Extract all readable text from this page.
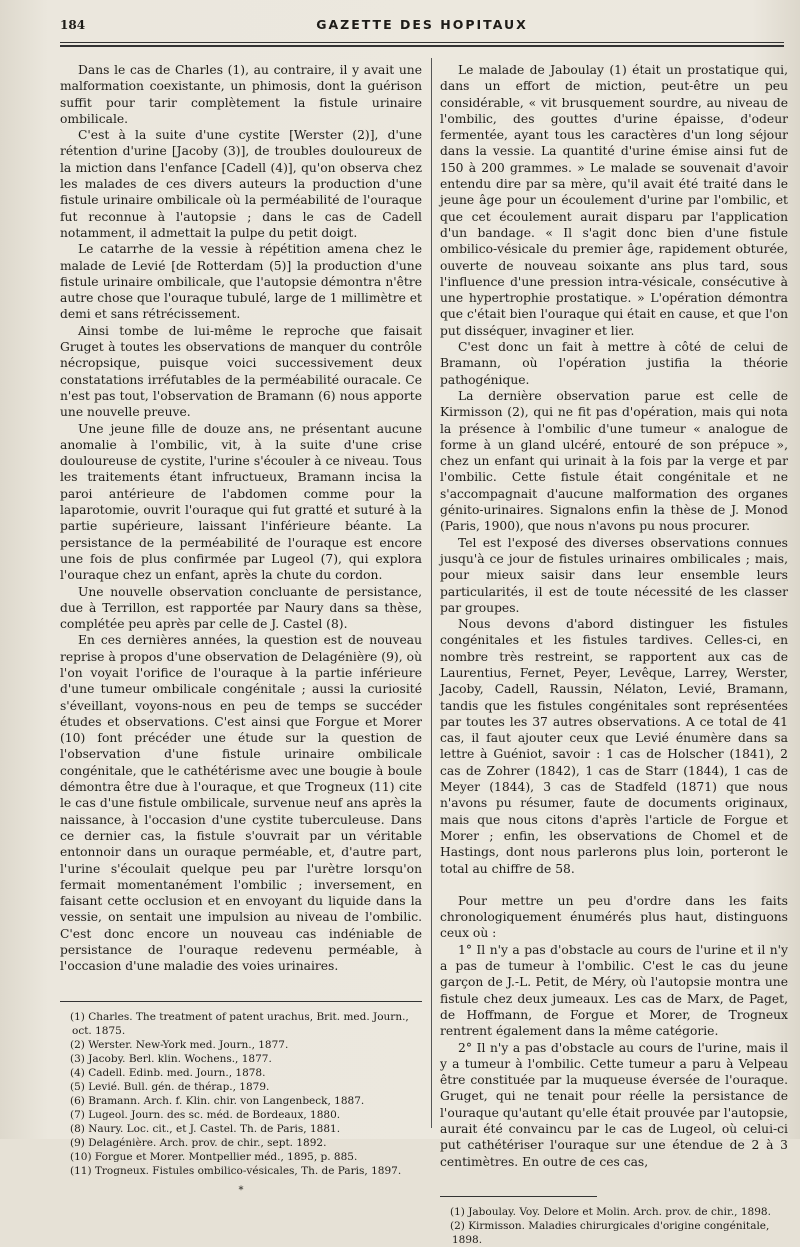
184	GAZETTE DES HOPITAUX

Dans le cas de Charles (1), au contraire, il y avait une malformation coexistante, un phimosis, dont la guérison suffit pour tarir complètement la fistule urinaire ombilicale.

C'est à la suite d'une cystite [Werster (2)], d'une rétention d'urine [Jacoby (3)], de troubles douloureux de la miction dans l'enfance [Cadell (4)], qu'on observa chez les malades de ces divers auteurs la production d'une fistule urinaire ombilicale où la perméabilité de l'ouraque fut reconnue à l'autopsie ; dans le cas de Cadell notamment, il admettait la pulpe du petit doigt.

Le catarrhe de la vessie à répétition amena chez le malade de Levié [de Rotterdam (5)] la production d'une fistule urinaire ombilicale, que l'autopsie démontra n'être autre chose que l'ouraque tubulé, large de 1 millimètre et demi et sans rétrécissement.

Ainsi tombe de lui-même le reproche que faisait Gruget à toutes les observations de manquer du contrôle nécropsique, puisque voici successivement deux constatations irréfutables de la perméabilité ouracale. Ce n'est pas tout, l'observation de Bramann (6) nous apporte une nouvelle preuve.

Une jeune fille de douze ans, ne présentant aucune anomalie à l'ombilic, vit, à la suite d'une crise douloureuse de cystite, l'urine s'écouler à ce niveau. Tous les traitements étant infructueux, Bramann incisa la paroi antérieure de l'abdomen comme pour la laparotomie, ouvrit l'ouraque qui fut gratté et suturé à la partie supérieure, laissant l'inférieure béante. La persistance de la perméabilité de l'ouraque est encore une fois de plus confirmée par Lugeol (7), qui explora l'ouraque chez un enfant, après la chute du cordon.

Une nouvelle observation concluante de persistance, due à Terrillon, est rapportée par Naury dans sa thèse, complétée peu après par celle de J. Castel (8).

En ces dernières années, la question est de nouveau reprise à propos d'une observation de Delagénière (9), où l'on voyait l'orifice de l'ouraque à la partie inférieure d'une tumeur ombilicale congénitale ; aussi la curiosité s'éveillant, voyons-nous en peu de temps se succéder études et observations. C'est ainsi que Forgue et Morer (10) font précéder une étude sur la question de l'observation d'une fistule urinaire ombilicale congénitale, que le cathétérisme avec une bougie à boule démontra être due à l'ouraque, et que Trogneux (11) cite le cas d'une fistule ombilicale, survenue neuf ans après la naissance, à l'occasion d'une cystite tuberculeuse. Dans ce dernier cas, la fistule s'ouvrait par un véritable entonnoir dans un ouraque perméable, et, d'autre part, l'urine s'écoulait quelque peu par l'urètre lorsqu'on fermait momentanément l'ombilic ; inversement, en faisant cette occlusion et en envoyant du liquide dans la vessie, on sentait une impulsion au niveau de l'ombilic. C'est donc encore un nouveau cas indéniable de persistance de l'ouraque redevenu perméable, à l'occasion d'une maladie des voies urinaires.

(1) Charles. The treatment of patent urachus, Brit. med. Journ., oct. 1875.

(2) Werster. New-York med. Journ., 1877.

(3) Jacoby. Berl. klin. Wochens., 1877.

(4) Cadell. Edinb. med. Journ., 1878.

(5) Levié. Bull. gén. de thérap., 1879.

(6) Bramann. Arch. f. Klin. chir. von Langenbeck, 1887.

(7) Lugeol. Journ. des sc. méd. de Bordeaux, 1880.

(8) Naury. Loc. cit., et J. Castel. Th. de Paris, 1881.

(9) Delagénière. Arch. prov. de chir., sept. 1892.

(10) Forgue et Morer. Montpellier méd., 1895, p. 885.

(11) Trogneux. Fistules ombilico-vésicales, Th. de Paris, 1897.

*

Le malade de Jaboulay (1) était un prostatique qui, dans un effort de miction, peut-être un peu considérable, « vit brusquement sourdre, au niveau de l'ombilic, des gouttes d'urine épaisse, d'odeur fermentée, ayant tous les caractères d'un long séjour dans la vessie. La quantité d'urine émise ainsi fut de 150 à 200 grammes. » Le malade se souvenait d'avoir entendu dire par sa mère, qu'il avait été traité dans le jeune âge pour un écoulement d'urine par l'ombilic, et que cet écoulement aurait disparu par l'application d'un bandage. « Il s'agit donc bien d'une fistule ombilico-vésicale du premier âge, rapidement obturée, ouverte de nouveau soixante ans plus tard, sous l'influence d'une pression intra-vésicale, consécutive à une hypertrophie prostatique. » L'opération démontra que c'était bien l'ouraque qui était en cause, et que l'on put disséquer, invaginer et lier.

C'est donc un fait à mettre à côté de celui de Bramann, où l'opération justifia la théorie pathogénique.

La dernière observation parue est celle de Kirmisson (2), qui ne fit pas d'opération, mais qui nota la présence à l'ombilic d'une tumeur « analogue de forme à un gland ulcéré, entouré de son prépuce », chez un enfant qui urinait à la fois par la verge et par l'ombilic. Cette fistule était congénitale et ne s'accompagnait d'aucune malformation des organes génito-urinaires. Signalons enfin la thèse de J. Monod (Paris, 1900), que nous n'avons pu nous procurer.

Tel est l'exposé des diverses observations connues jusqu'à ce jour de fistules urinaires ombilicales ; mais, pour mieux saisir dans leur ensemble leurs particularités, il est de toute nécessité de les classer par groupes.

Nous devons d'abord distinguer les fistules congénitales et les fistules tardives. Celles-ci, en nombre très restreint, se rapportent aux cas de Laurentius, Fernet, Peyer, Levêque, Larrey, Werster, Jacoby, Cadell, Raussin, Nélaton, Levié, Bramann, tandis que les fistules congénitales sont représentées par toutes les 37 autres observations. A ce total de 41 cas, il faut ajouter ceux que Levié énumère dans sa lettre à Guéniot, savoir : 1 cas de Holscher (1841), 2 cas de Zohrer (1842), 1 cas de Starr (1844), 1 cas de Meyer (1844), 3 cas de Stadfeld (1871) que nous n'avons pu résumer, faute de documents originaux, mais que nous citons d'après l'article de Forgue et Morer ; enfin, les observations de Chomel et de Hastings, dont nous parlerons plus loin, porteront le total au chiffre de 58.

Pour mettre un peu d'ordre dans les faits chronologiquement énumérés plus haut, distinguons ceux où :

1° Il n'y a pas d'obstacle au cours de l'urine et il n'y a pas de tumeur à l'ombilic. C'est le cas du jeune garçon de J.-L. Petit, de Méry, où l'autopsie montra une fistule chez deux jumeaux. Les cas de Marx, de Paget, de Hoffmann, de Forgue et Morer, de Trogneux rentrent également dans la même catégorie.

2° Il n'y a pas d'obstacle au cours de l'urine, mais il y a tumeur à l'ombilic. Cette tumeur a paru à Velpeau être constituée par la muqueuse éversée de l'ouraque. Gruget, qui ne tenait pour réelle la persistance de l'ouraque qu'autant qu'elle était prouvée par l'autopsie, aurait été convaincu par le cas de Lugeol, où celui-ci put cathétériser l'ouraque sur une étendue de 2 à 3 centimètres. En outre de ces cas,

(1) Jaboulay. Voy. Delore et Molin. Arch. prov. de chir., 1898.

(2) Kirmisson. Maladies chirurgicales d'origine congénitale, 1898.
